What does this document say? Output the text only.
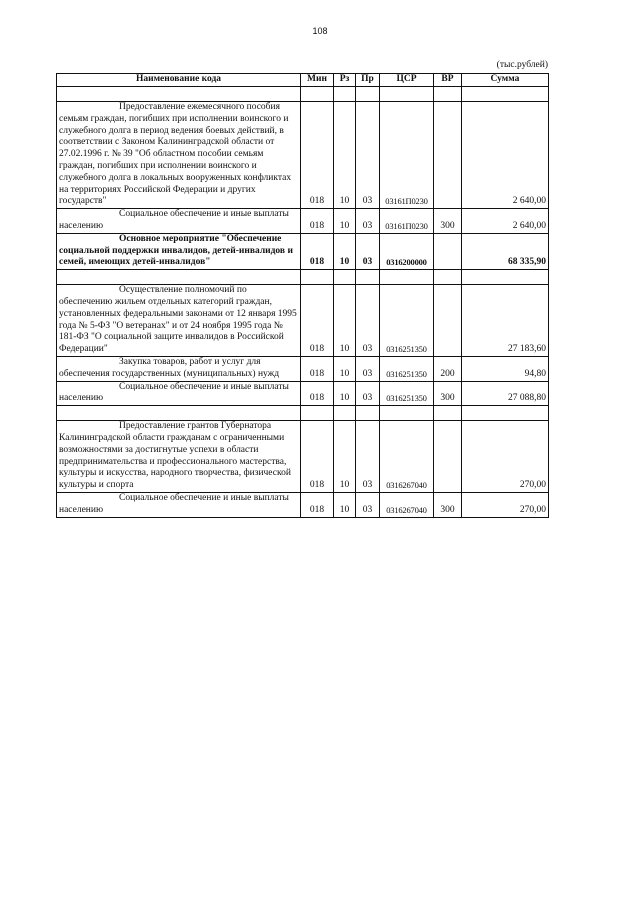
108
(тыс.рублей)
Наименование кода	Мин	Рз	Пр	ЦСР	ВР	Сумма

Предоставление ежемесячного пособия семьям граждан, погибших при исполнении воинского и служебного долга в период ведения боевых действий, в соответствии с Законом Калининградской области от 27.02.1996 г. № 39 "Об областном пособии семьям граждан, погибших при исполнении воинского и служебного долга в локальных вооруженных конфликтах на территориях Российской Федерации и других государств"	018	10	03	03161П0230		2 640,00

Социальное обеспечение и иные выплаты населению	018	10	03	03161П0230	300	2 640,00

Основное мероприятие "Обеспечение социальной поддержки инвалидов, детей-инвалидов и семей, имеющих детей-инвалидов"	018	10	03	0316200000		68 335,90

Осуществление полномочий по обеспечению жильем отдельных категорий граждан, установленных федеральными законами от 12 января 1995 года № 5-ФЗ "О ветеранах" и от 24 ноября 1995 года № 181-ФЗ "О социальной защите инвалидов в Российской Федерации"	018	10	03	0316251350		27 183,60

Закупка товаров, работ и услуг для обеспечения государственных (муниципальных) нужд	018	10	03	0316251350	200	94,80

Социальное обеспечение и иные выплаты населению	018	10	03	0316251350	300	27 088,80

Предоставление грантов Губернатора Калининградской области гражданам с ограниченными возможностями за достигнутые успехи в области предпринимательства и профессионального мастерства, культуры и искусства, народного творчества, физической культуры и спорта	018	10	03	0316267040		270,00

Социальное обеспечение и иные выплаты населению	018	10	03	0316267040	300	270,00
